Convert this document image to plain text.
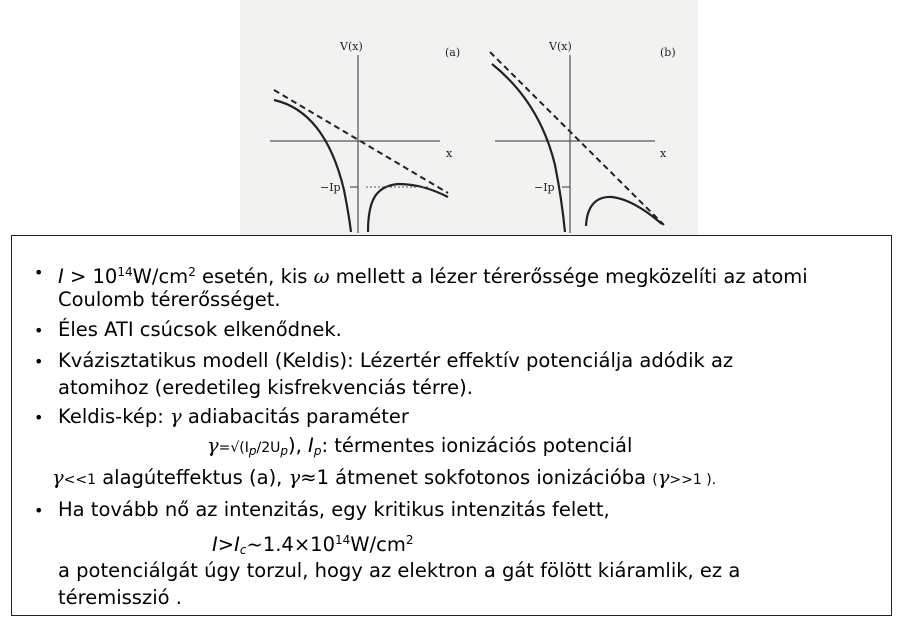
V(x)	(a)
x
−Ip
V(x)	(b)
x
−Ip
• $I > 10^{14}W/cm^2$ esetén, kis ω mellett a lézer térerőssége megközelíti az atomi
Coulomb térerősséget.
• Éles ATI csúcsok elkenődnek.
• Kvázisztatikus modell (Keldis): Lézertér effektív potenciálja adódik az
atomihoz (eredetileg kisfrekvenciás térre).
• Keldis-kép: γ adiabacitás paraméter
$\gamma=√(I_p/2U_p)$, $I_p$: térmentes ionizációs potenciál
γ<<1 alagúteffektus (a), γ≈1 átmenet sokfotonos ionizációba (γ>>1 ).
• Ha tovább nő az intenzitás, egy kritikus intenzitás felett,
$I>I_c\sim 1.4\times 10^{14}W/cm^2$
a potenciálgát úgy torzul, hogy az elektron a gát fölött kiáramlik, ez a
téremisszió .
